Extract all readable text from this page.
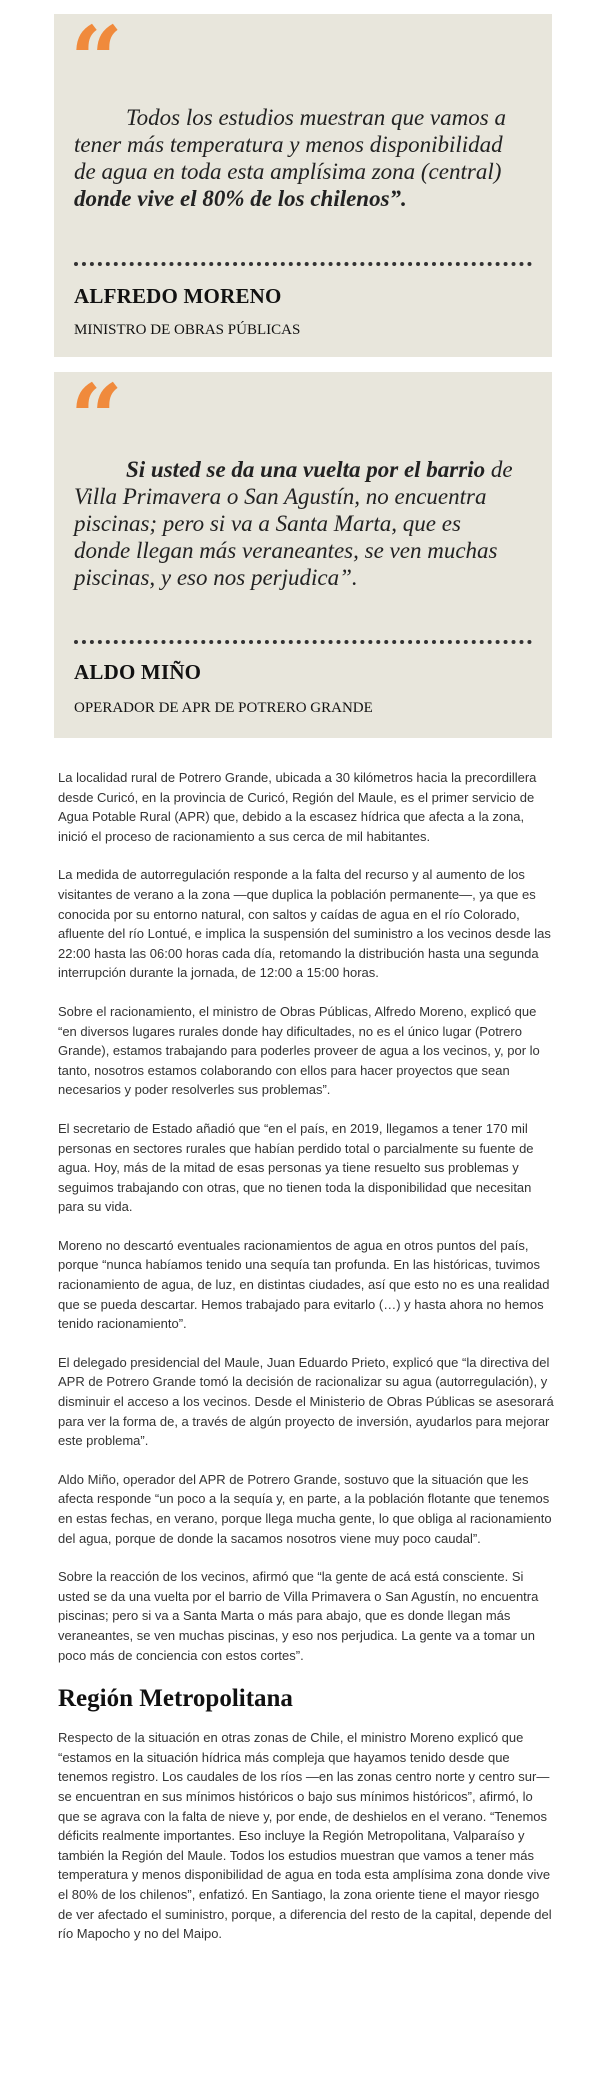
“
Todos los estudios muestran que vamos a tener más temperatura y menos disponibilidad de agua en toda esta amplísima zona (central) donde vive el 80% de los chilenos”.
ALFREDO MORENO
MINISTRO DE OBRAS PÚBLICAS
“ Si usted se da una vuelta por el barrio de Villa Primavera o San Agustín, no encuentra piscinas; pero si va a Santa Marta, que es donde llegan más veraneantes, se ven muchas piscinas, y eso nos perjudica”.
ALDO MIÑO
OPERADOR DE APR DE POTRERO GRANDE

La localidad rural de Potrero Grande, ubicada a 30 kilómetros hacia la precordillera desde Curicó, en la provincia de Curicó, Región del Maule, es el primer servicio de Agua Potable Rural (APR) que, debido a la escasez hídrica que afecta a la zona, inició el proceso de racionamiento a sus cerca de mil habitantes.

La medida de autorregulación responde a la falta del recurso y al aumento de los visitantes de verano a la zona —que duplica la población permanente—, ya que es conocida por su entorno natural, con saltos y caídas de agua en el río Colorado, afluente del río Lontué, e implica la suspensión del suministro a los vecinos desde las 22:00 hasta las 06:00 horas cada día, retomando la distribución hasta una segunda interrupción durante la jornada, de 12:00 a 15:00 horas.

Sobre el racionamiento, el ministro de Obras Públicas, Alfredo Moreno, explicó que “en diversos lugares rurales donde hay dificultades, no es el único lugar (Potrero Grande), estamos trabajando para poderles proveer de agua a los vecinos, y, por lo tanto, nosotros estamos colaborando con ellos para hacer proyectos que sean necesarios y poder resolverles sus problemas”.

El secretario de Estado añadió que “en el país, en 2019, llegamos a tener 170 mil personas en sectores rurales que habían perdido total o parcialmente su fuente de agua. Hoy, más de la mitad de esas personas ya tiene resuelto sus problemas y seguimos trabajando con otras, que no tienen toda la disponibilidad que necesitan para su vida.

Moreno no descartó eventuales racionamientos de agua en otros puntos del país, porque “nunca habíamos tenido una sequía tan profunda. En las históricas, tuvimos racionamiento de agua, de luz, en distintas ciudades, así que esto no es una realidad que se pueda descartar. Hemos trabajado para evitarlo (…) y hasta ahora no hemos tenido racionamiento”.

El delegado presidencial del Maule, Juan Eduardo Prieto, explicó que “la directiva del APR de Potrero Grande tomó la decisión de racionalizar su agua (autorregulación), y disminuir el acceso a los vecinos. Desde el Ministerio de Obras Públicas se asesorará para ver la forma de, a través de algún proyecto de inversión, ayudarlos para mejorar este problema”.

Aldo Miño, operador del APR de Potrero Grande, sostuvo que la situación que les afecta responde “un poco a la sequía y, en parte, a la población flotante que tenemos en estas fechas, en verano, porque llega mucha gente, lo que obliga al racionamiento del agua, porque de donde la sacamos nosotros viene muy poco caudal”.

Sobre la reacción de los vecinos, afirmó que “la gente de acá está consciente. Si usted se da una vuelta por el barrio de Villa Primavera o San Agustín, no encuentra piscinas; pero si va a Santa Marta o más para abajo, que es donde llegan más veraneantes, se ven muchas piscinas, y eso nos perjudica. La gente va a tomar un poco más de conciencia con estos cortes”.

Región Metropolitana

Respecto de la situación en otras zonas de Chile, el ministro Moreno explicó que “estamos en la situación hídrica más compleja que hayamos tenido desde que tenemos registro. Los caudales de los ríos —en las zonas centro norte y centro sur— se encuentran en sus mínimos históricos o bajo sus mínimos históricos”, afirmó, lo que se agrava con la falta de nieve y, por ende, de deshielos en el verano. “Tenemos déficits realmente importantes. Eso incluye la Región Metropolitana, Valparaíso y también la Región del Maule. Todos los estudios muestran que vamos a tener más temperatura y menos disponibilidad de agua en toda esta amplísima zona donde vive el 80% de los chilenos”, enfatizó. En Santiago, la zona oriente tiene el mayor riesgo de ver afectado el suministro, porque, a diferencia del resto de la capital, depende del río Mapocho y no del Maipo.
